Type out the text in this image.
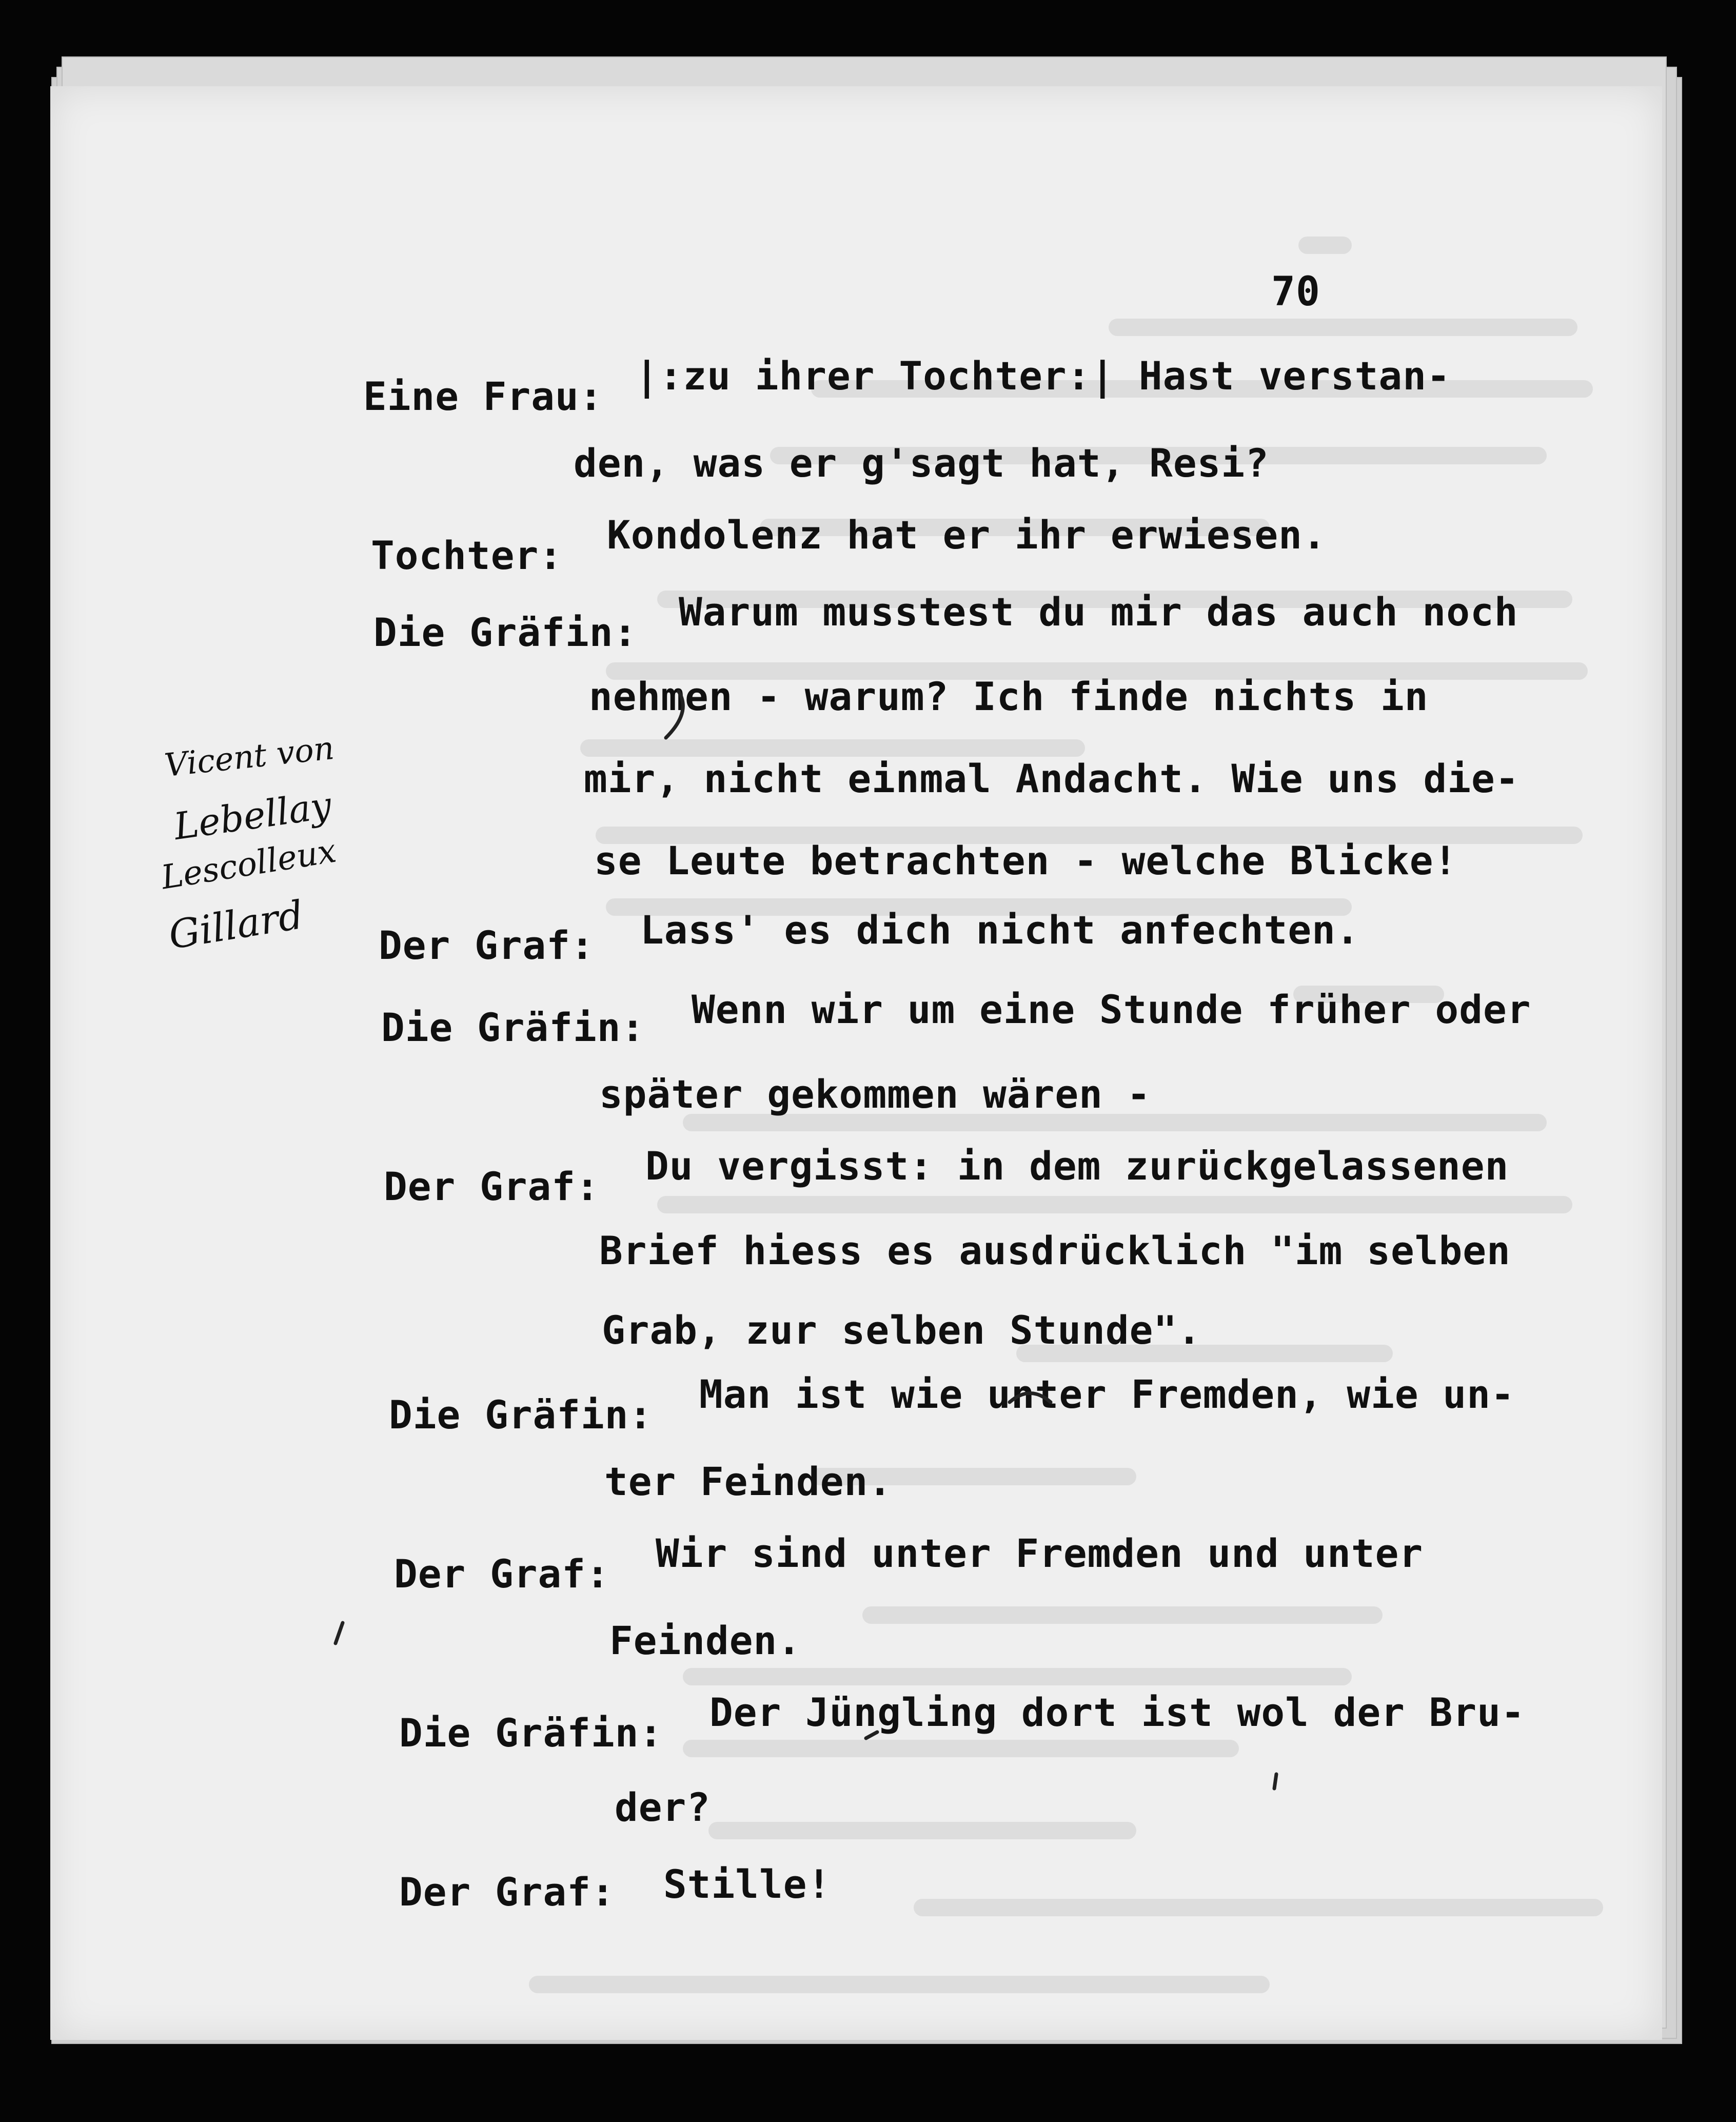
70
Eine Frau: |:zu ihrer Tochter:| Hast verstan-
den, was er g'sagt hat, Resi?
Tochter: Kondolenz hat er ihr erwiesen.
Die Gräfin: Warum musstest du mir das auch noch
nehmen - warum? Ich finde nichts in
mir, nicht einmal Andacht. Wie uns die-
se Leute betrachten - welche Blicke!
Der Graf: Lass' es dich nicht anfechten.
Die Gräfin: Wenn wir um eine Stunde früher oder
später gekommen wären -
Der Graf: Du vergisst: in dem zurückgelassenen
Brief hiess es ausdrücklich "im selben
Grab, zur selben Stunde".
Die Gräfin: Man ist wie unter Fremden, wie un-
ter Feinden.
Der Graf: Wir sind unter Fremden und unter
Feinden.
Die Gräfin: Der Jüngling dort ist wol der Bru-
der?
Der Graf: Stille!
Vicent von
Lebellay
Lescolleux
Gillard
